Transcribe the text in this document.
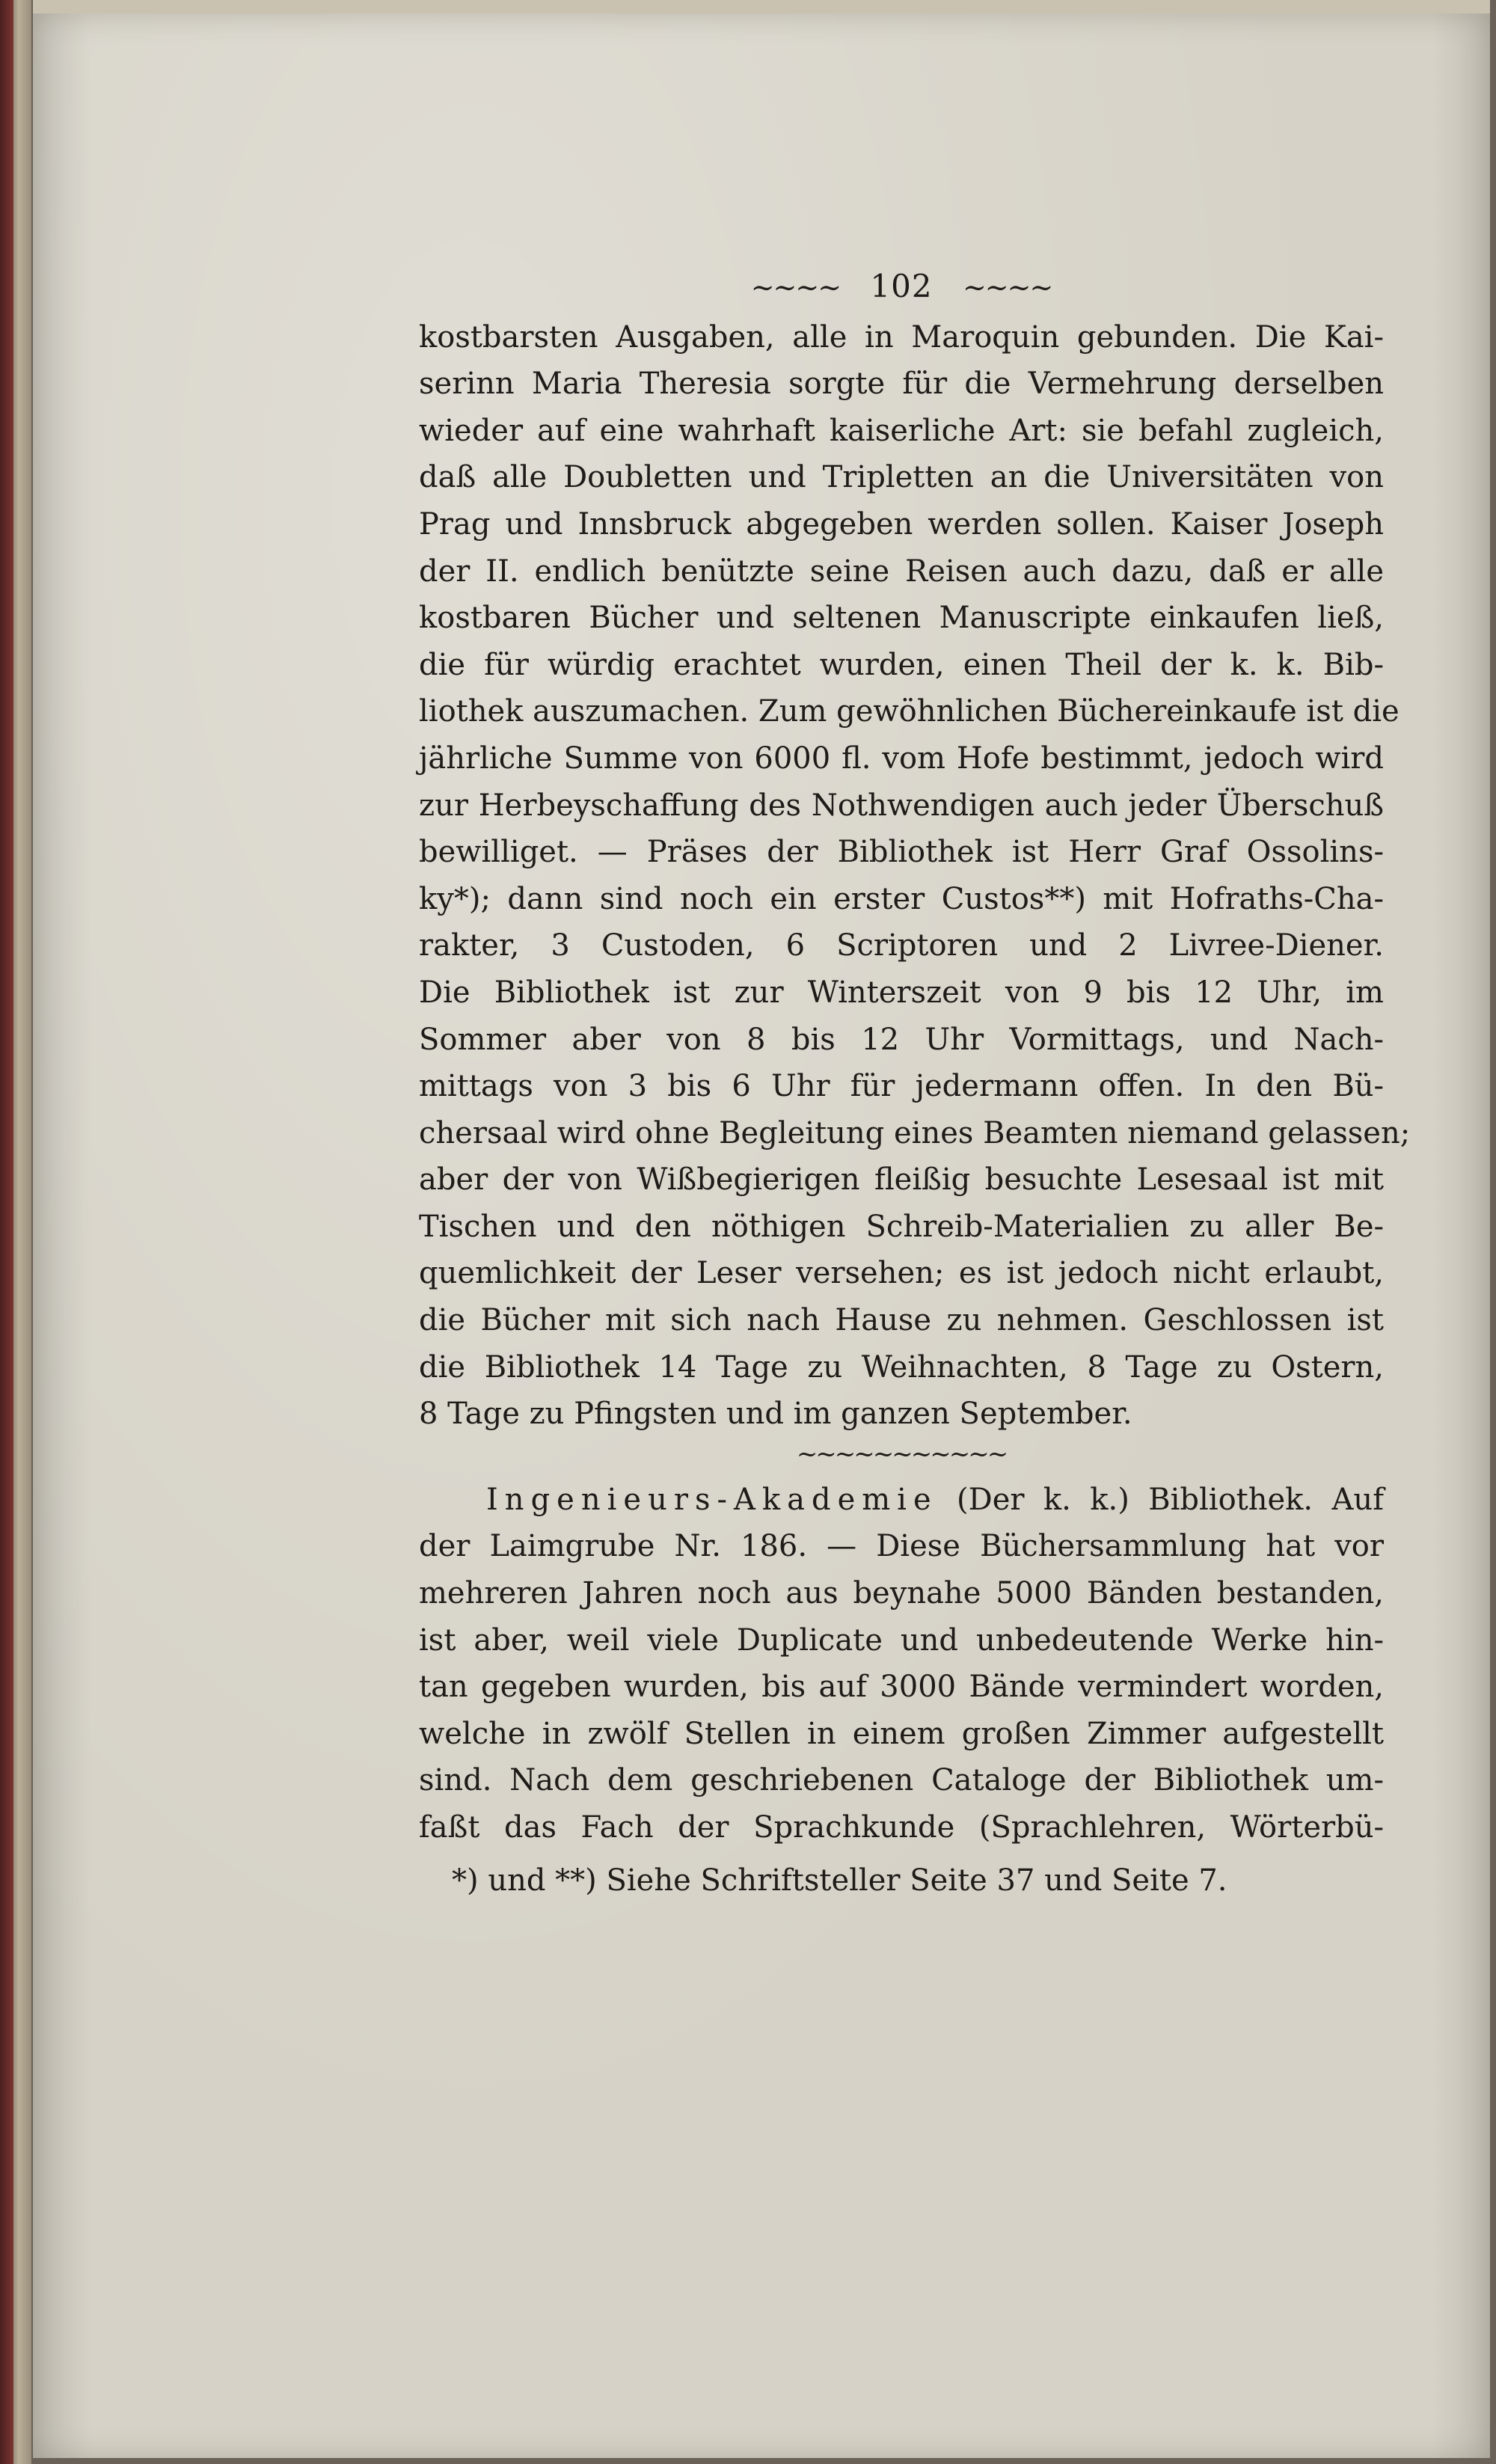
~~~~ 102 ~~~~

kostbarsten Ausgaben, alle in Maroquin gebunden. Die Kai-
serinn Maria Theresia sorgte für die Vermehrung derselben
wieder auf eine wahrhaft kaiserliche Art: sie befahl zugleich,
daß alle Doubletten und Tripletten an die Universitäten von
Prag und Innsbruck abgegeben werden sollen. Kaiser Joseph
der II. endlich benützte seine Reisen auch dazu, daß er alle
kostbaren Bücher und seltenen Manuscripte einkaufen ließ,
die für würdig erachtet wurden, einen Theil der k. k. Bib-
liothek auszumachen. Zum gewöhnlichen Büchereinkaufe ist die
jährliche Summe von 6000 fl. vom Hofe bestimmt, jedoch wird
zur Herbeyschaffung des Nothwendigen auch jeder Überschuß
bewilliget. — Präses der Bibliothek ist Herr Graf Ossolins-
ky*); dann sind noch ein erster Custos**) mit Hofraths-Cha-
rakter, 3 Custoden, 6 Scriptoren und 2 Livree-Diener.
Die Bibliothek ist zur Winterszeit von 9 bis 12 Uhr, im
Sommer aber von 8 bis 12 Uhr Vormittags, und Nach-
mittags von 3 bis 6 Uhr für jedermann offen. In den Bü-
chersaal wird ohne Begleitung eines Beamten niemand gelassen;
aber der von Wißbegierigen fleißig besuchte Lesesaal ist mit
Tischen und den nöthigen Schreib-Materialien zu aller Be-
quemlichkeit der Leser versehen; es ist jedoch nicht erlaubt,
die Bücher mit sich nach Hause zu nehmen. Geschlossen ist
die Bibliothek 14 Tage zu Weihnachten, 8 Tage zu Ostern,
8 Tage zu Pfingsten und im ganzen September.

~~~~~~~~~~~

Ingenieurs-Akademie (Der k. k.) Bibliothek. Auf
der Laimgrube Nr. 186. — Diese Büchersammlung hat vor
mehreren Jahren noch aus beynahe 5000 Bänden bestanden,
ist aber, weil viele Duplicate und unbedeutende Werke hin-
tan gegeben wurden, bis auf 3000 Bände vermindert worden,
welche in zwölf Stellen in einem großen Zimmer aufgestellt
sind. Nach dem geschriebenen Cataloge der Bibliothek um-
faßt das Fach der Sprachkunde (Sprachlehren, Wörterbü-

*) und **) Siehe Schriftsteller Seite 37 und Seite 7.
